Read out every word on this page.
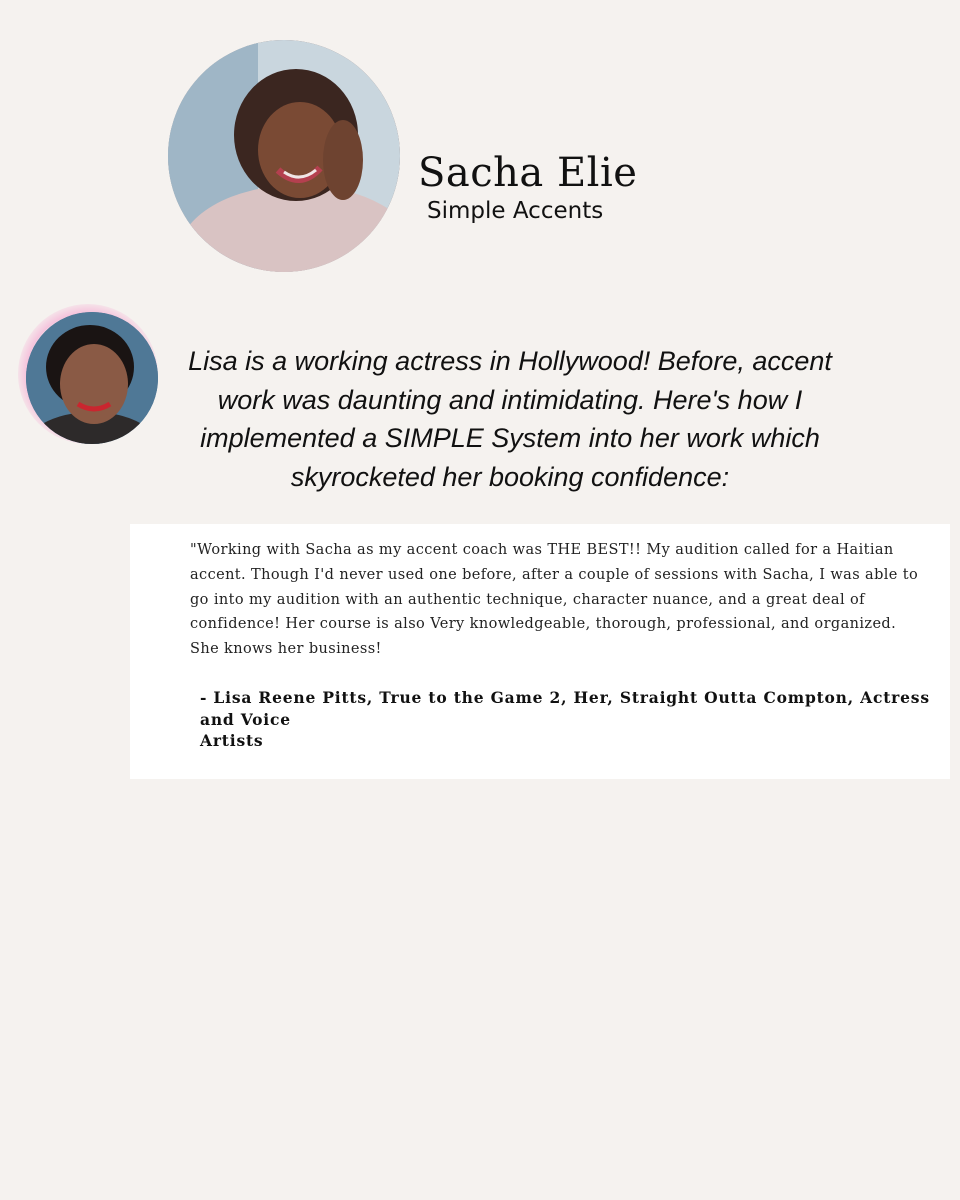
Sacha Elie
Simple Accents
Lisa is a working actress in Hollywood! Before, accent work was daunting and intimidating. Here's how I implemented a SIMPLE System into her work which skyrocketed her booking confidence:

"Working with Sacha as my accent coach was THE BEST!! My audition called for a Haitian accent. Though I'd never used one before, after a couple of sessions with Sacha, I was able to go into my audition with an authentic technique, character nuance, and a great deal of confidence! Her course is also Very knowledgeable, thorough, professional, and organized. She knows her business!

- Lisa Reene Pitts, True to the Game 2, Her, Straight Outta Compton, Actress and Voice
Artists
